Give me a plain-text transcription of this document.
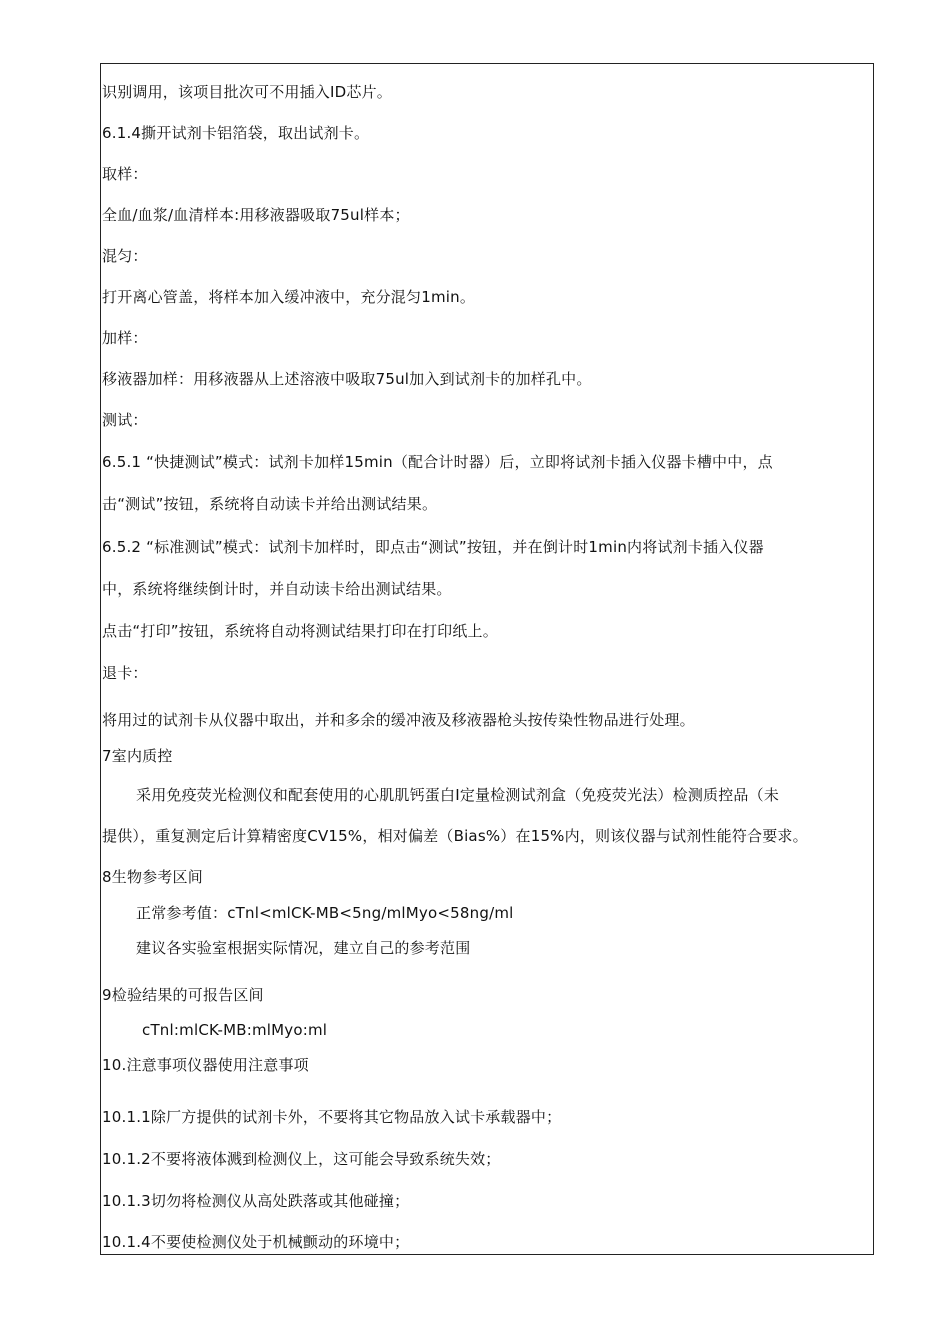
识别调用，该项目批次可不用插入ID芯片。
6.1.4撕开试剂卡铝箔袋，取出试剂卡。
取样：
全血/血浆/血清样本:用移液器吸取75ul样本；
混匀：
打开离心管盖，将样本加入缓冲液中，充分混匀1min。
加样：
移液器加样：用移液器从上述溶液中吸取75ul加入到试剂卡的加样孔中。
测试：
6.5.1 “快捷测试”模式：试剂卡加样15min（配合计时器）后，立即将试剂卡插入仪器卡槽中中，点
击“测试”按钮，系统将自动读卡并给出测试结果。
6.5.2 “标准测试”模式：试剂卡加样时，即点击“测试”按钮，并在倒计时1min内将试剂卡插入仪器
中，系统将继续倒计时，并自动读卡给出测试结果。
点击“打印”按钮，系统将自动将测试结果打印在打印纸上。
退卡：
将用过的试剂卡从仪器中取出，并和多余的缓冲液及移液器枪头按传染性物品进行处理。
7室内质控
采用免疫荧光检测仪和配套使用的心肌肌钙蛋白I定量检测试剂盒（免疫荧光法）检测质控品（未
提供），重复测定后计算精密度CV15%，相对偏差（Bias%）在15%内，则该仪器与试剂性能符合要求。
8生物参考区间
正常参考值：cTnl<mlCK-MB<5ng/mlMyo<58ng/ml
建议各实验室根据实际情况，建立自己的参考范围
9检验结果的可报告区间
cTnl:mlCK-MB:mlMyo:ml
10.注意事项仪器使用注意事项
10.1.1除厂方提供的试剂卡外，不要将其它物品放入试卡承载器中；
10.1.2不要将液体溅到检测仪上，这可能会导致系统失效；
10.1.3切勿将检测仪从高处跌落或其他碰撞；
10.1.4不要使检测仪处于机械颤动的环境中；
